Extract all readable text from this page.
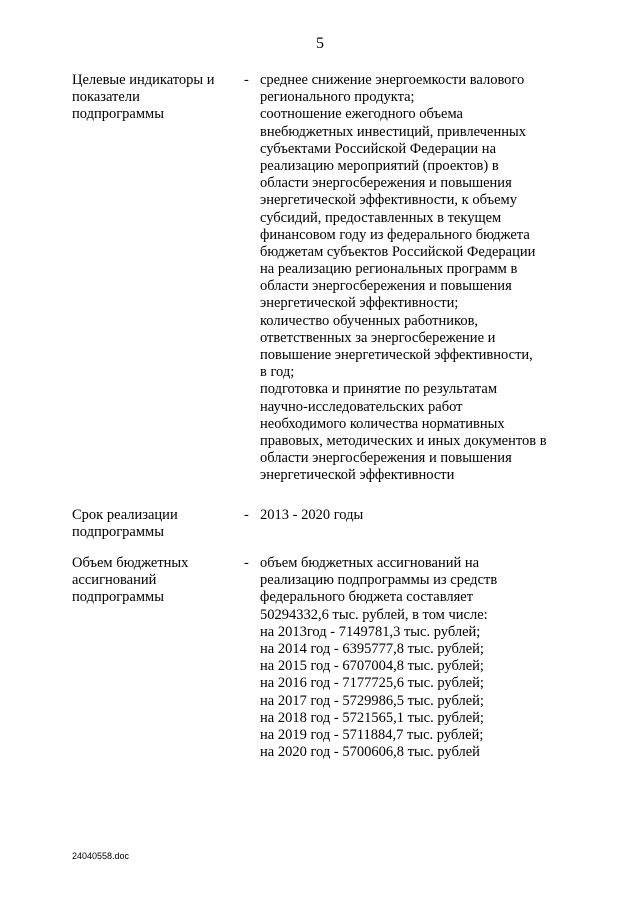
5
Целевые индикаторы и
показатели
подпрограммы
- среднее снижение энергоемкости валового
регионального продукта;
соотношение ежегодного объема
внебюджетных инвестиций, привлеченных
субъектами Российской Федерации на
реализацию мероприятий (проектов) в
области энергосбережения и повышения
энергетической эффективности, к объему
субсидий, предоставленных в текущем
финансовом году из федерального бюджета
бюджетам субъектов Российской Федерации
на реализацию региональных программ в
области энергосбережения и повышения
энергетической эффективности;
количество обученных работников,
ответственных за энергосбережение и
повышение энергетической эффективности,
в год;
подготовка и принятие по результатам
научно-исследовательских работ
необходимого количества нормативных
правовых, методических и иных документов в
области энергосбережения и повышения
энергетической эффективности
Срок реализации
подпрограммы
- 2013 - 2020 годы
Объем бюджетных
ассигнований
подпрограммы
- объем бюджетных ассигнований на
реализацию подпрограммы из средств
федерального бюджета составляет
50294332,6 тыс. рублей, в том числе:
на 2013год - 7149781,3 тыс. рублей;
на 2014 год - 6395777,8 тыс. рублей;
на 2015 год - 6707004,8 тыс. рублей;
на 2016 год - 7177725,6 тыс. рублей;
на 2017 год - 5729986,5 тыс. рублей;
на 2018 год - 5721565,1 тыс. рублей;
на 2019 год - 5711884,7 тыс. рублей;
на 2020 год - 5700606,8 тыс. рублей
24040558.doc
